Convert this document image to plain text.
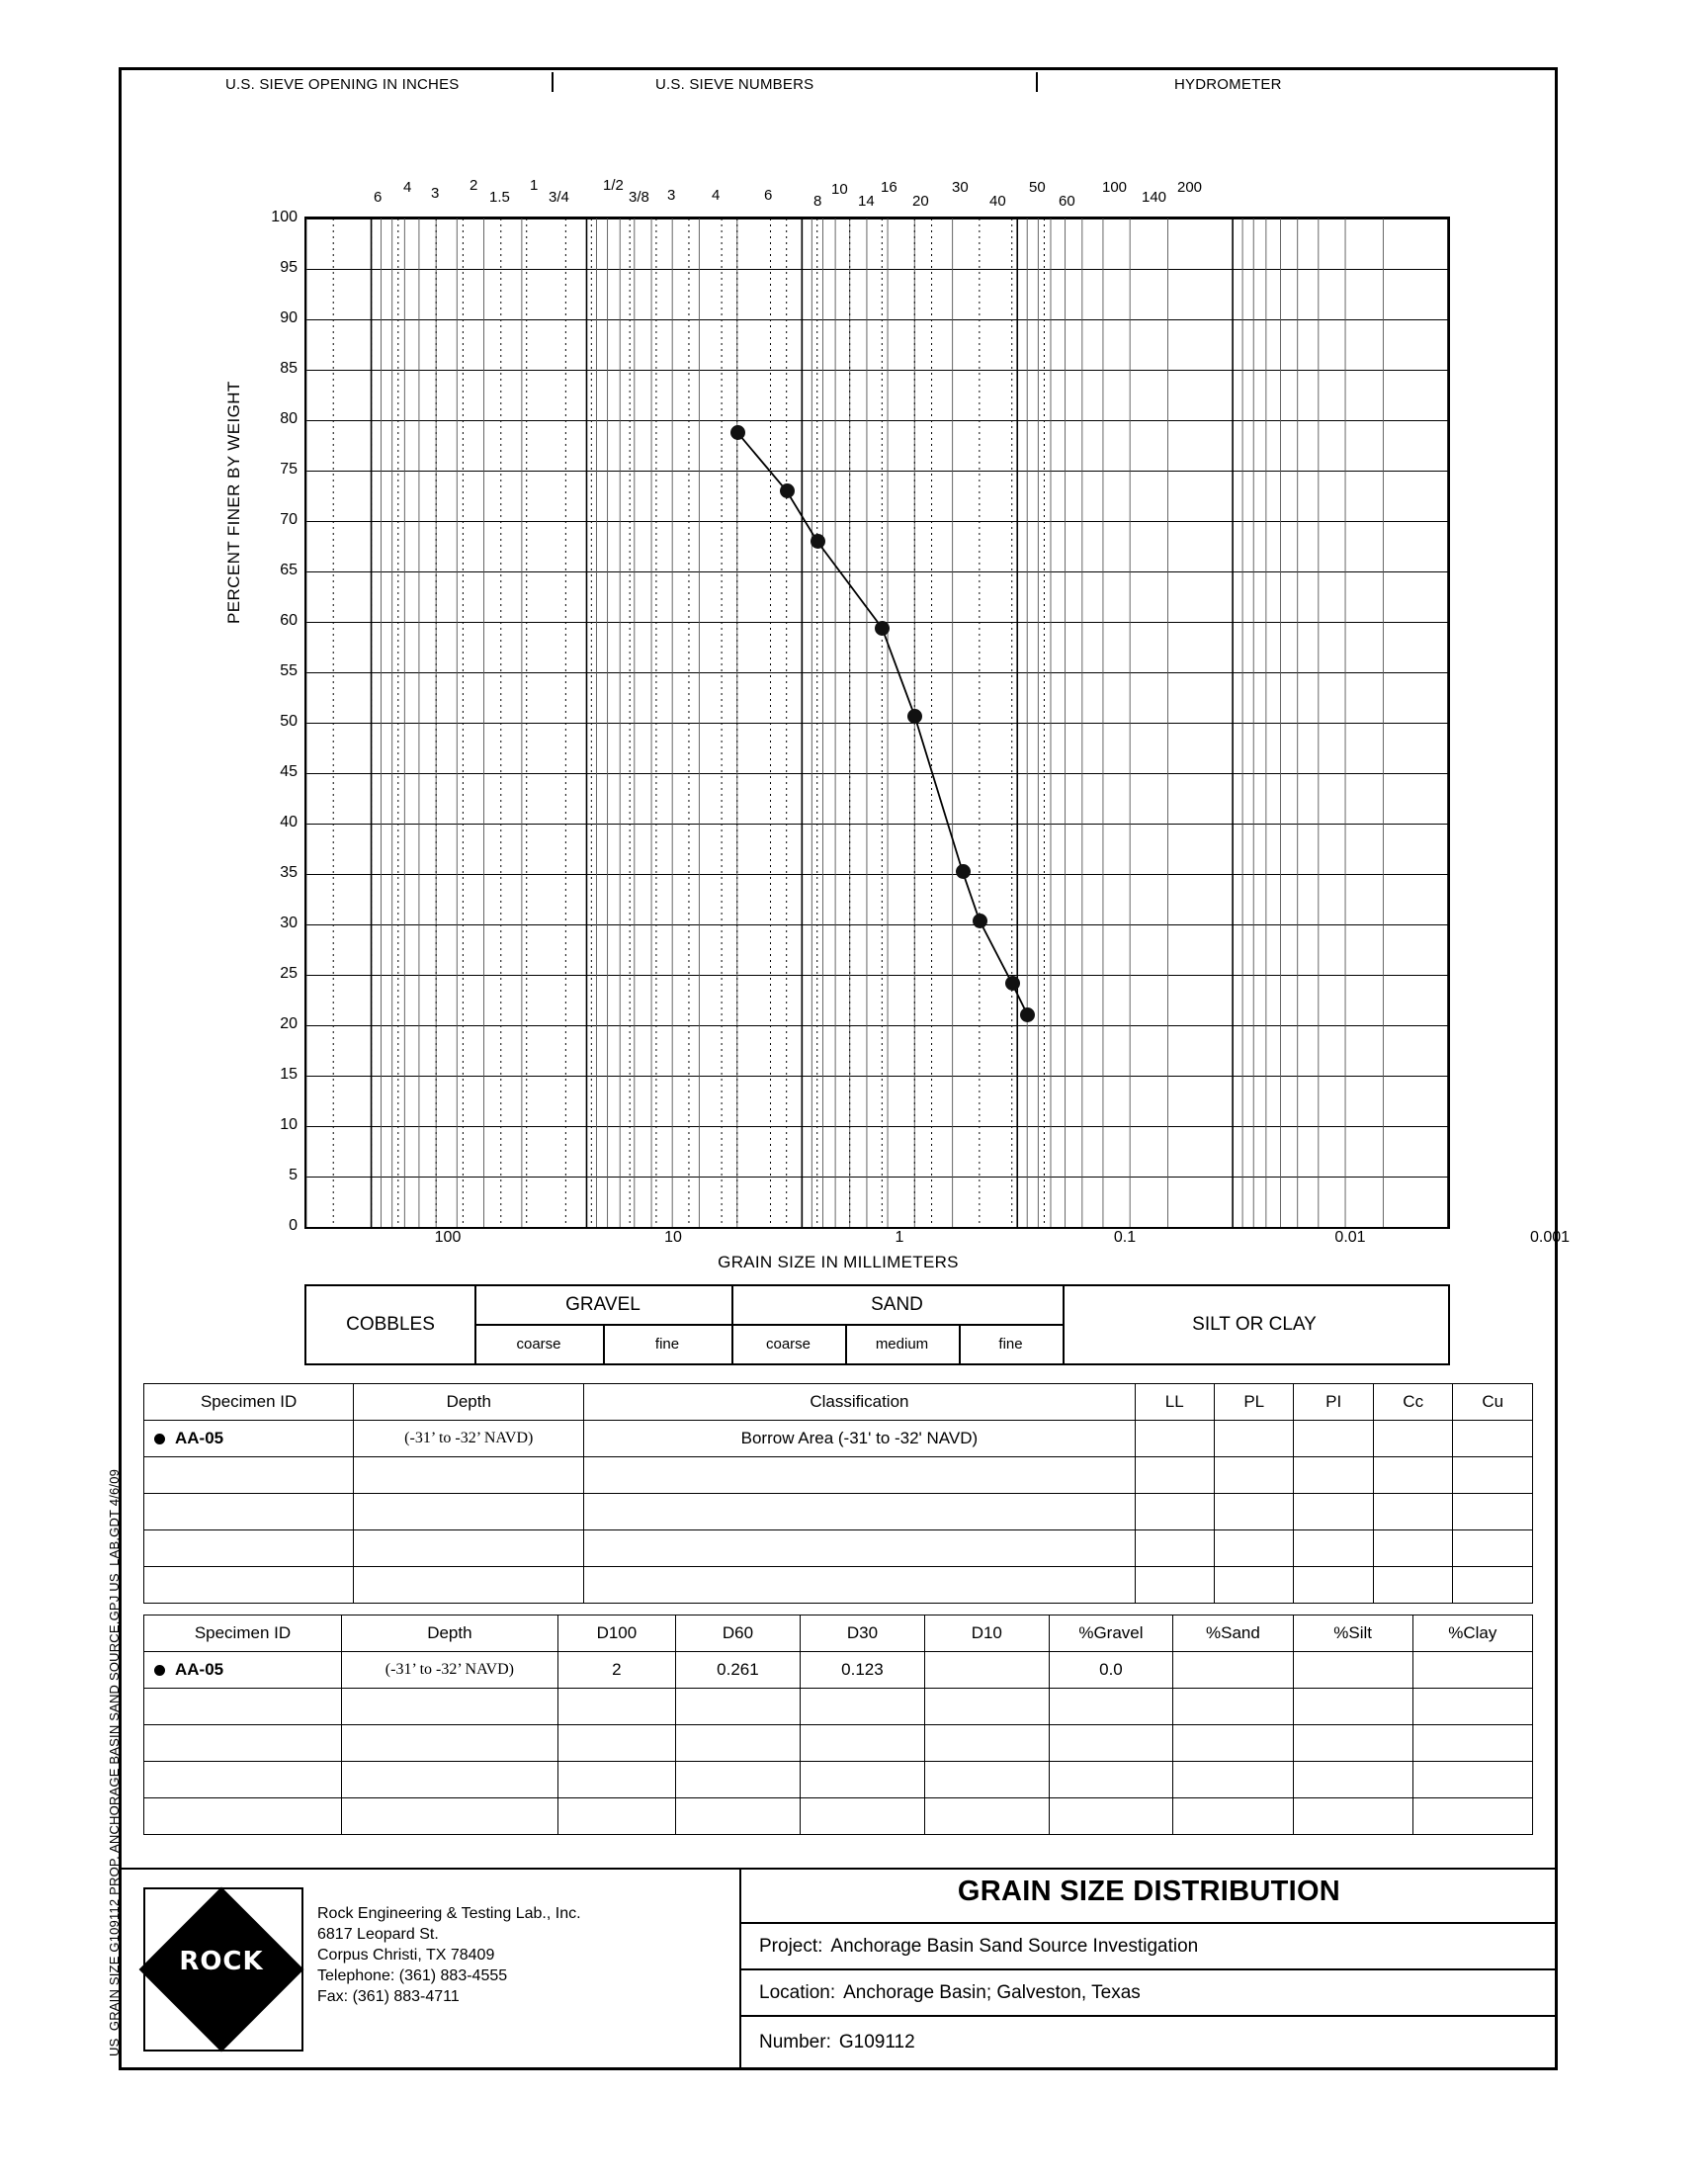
U.S. SIEVE OPENING IN INCHES	U.S. SIEVE NUMBERS	HYDROMETER
6
4 3 2
1.5
1
3/4
1/2
3/8 3 4	6	8
10
14
16
20
30
40
50
60
100
140
200
PERCENT FINER BY WEIGHT
GRAIN SIZE IN MILLIMETERS
100
95
90
85
80
75
70
65
60
55
50
45
40
35
30
25
20
15
10
5
0
100	10	1	0.1	0.01	0.001
COBBLES
GRAVEL
coarse	fine
SAND
coarse	medium	fine
SILT OR CLAY
Specimen ID	Depth	Classification	LL	PL	PI	Cc	Cu
AA-05	(-31’ to -32’ NAVD)	Borrow Area (-31' to -32' NAVD)					

Specimen ID	Depth	D100	D60	D30	D10	%Gravel	%Sand	%Silt	%Clay
AA-05	(-31’ to -32’ NAVD)	2	0.261	0.123		0.0			

ROCK
Rock Engineering & Testing Lab., Inc.
6817 Leopard St.
Corpus Christi, TX 78409
Telephone: (361) 883-4555
Fax: (361) 883-4711
GRAIN SIZE DISTRIBUTION
Project: Anchorage Basin Sand Source Investigation
Location: Anchorage Basin; Galveston, Texas
Number: G109112
US_GRAIN SIZE G109112 PROP. ANCHORAGE BASIN SAND SOURCE.GPJ US_LAB.GDT 4/6/09
